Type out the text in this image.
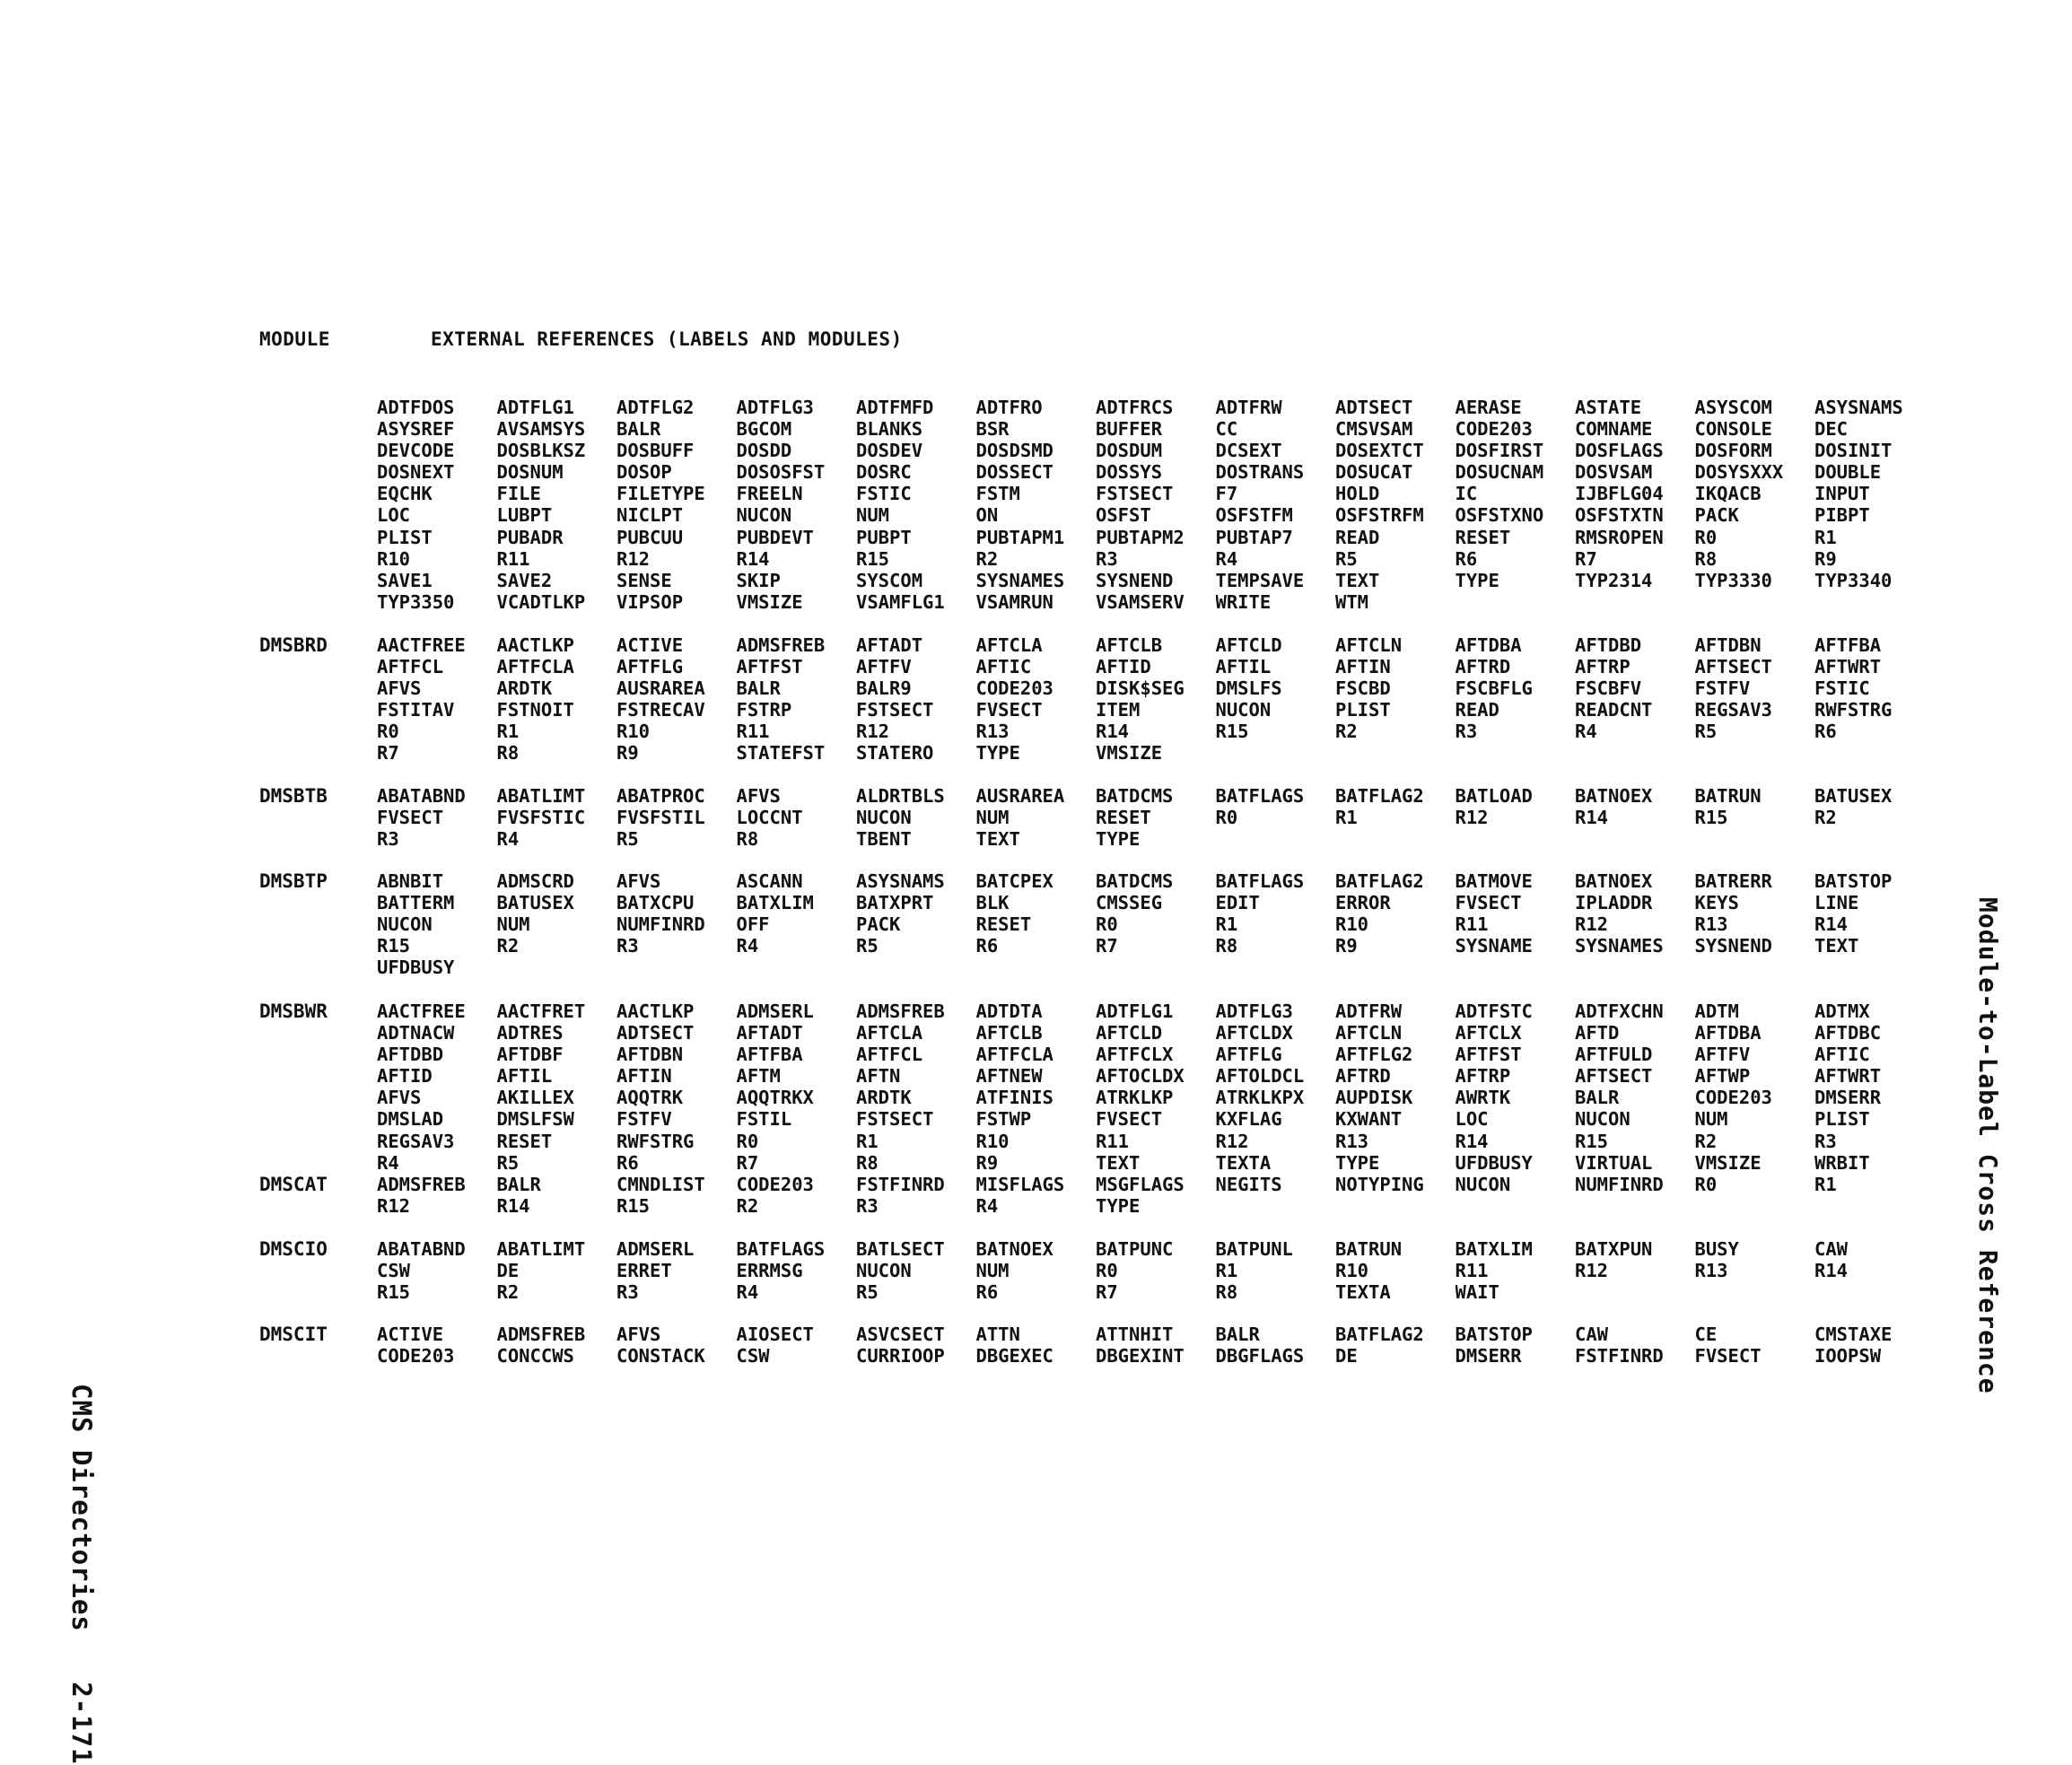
MODULE	EXTERNAL REFERENCES (LABELS AND MODULES)
ADTFDOS	ADTFLG1	ADTFLG2	ADTFLG3	ADTFMFD	ADTFRO	ADTFRCS	ADTFRW	ADTSECT	AERASE	ASTATE	ASYSCOM	ASYSNAMS
ASYSREF	AVSAMSYS	BALR	BGCOM	BLANKS	BSR	BUFFER	CC	CMSVSAM	CODE203	COMNAME	CONSOLE	DEC
DEVCODE	DOSBLKSZ	DOSBUFF	DOSDD	DOSDEV	DOSDSMD	DOSDUM	DCSEXT	DOSEXTCT	DOSFIRST	DOSFLAGS	DOSFORM	DOSINIT
DOSNEXT	DOSNUM	DOSOP	DOSOSFST	DOSRC	DOSSECT	DOSSYS	DOSTRANS	DOSUCAT	DOSUCNAM	DOSVSAM	DOSYSXXX	DOUBLE
EQCHK	FILE	FILETYPE	FREELN	FSTIC	FSTM	FSTSECT	F7	HOLD	IC	IJBFLG04	IKQACB	INPUT
LOC	LUBPT	NICLPT	NUCON	NUM	ON	OSFST	OSFSTFM	OSFSTRFM	OSFSTXNO	OSFSTXTN	PACK	PIBPT
PLIST	PUBADR	PUBCUU	PUBDEVT	PUBPT	PUBTAPM1	PUBTAPM2	PUBTAP7	READ	RESET	RMSROPEN	R0	R1
R10	R11	R12	R14	R15	R2	R3	R4	R5	R6	R7	R8	R9
SAVE1	SAVE2	SENSE	SKIP	SYSCOM	SYSNAMES	SYSNEND	TEMPSAVE	TEXT	TYPE	TYP2314	TYP3330	TYP3340
TYP3350	VCADTLKP	VIPSOP	VMSIZE	VSAMFLG1	VSAMRUN	VSAMSERV	WRITE	WTM
DMSBRD	AACTFREE	AACTLKP	ACTIVE	ADMSFREB	AFTADT	AFTCLA	AFTCLB	AFTCLD	AFTCLN	AFTDBA	AFTDBD	AFTDBN	AFTFBA
AFTFCL	AFTFCLA	AFTFLG	AFTFST	AFTFV	AFTIC	AFTID	AFTIL	AFTIN	AFTRD	AFTRP	AFTSECT	AFTWRT
AFVS	ARDTK	AUSRAREA	BALR	BALR9	CODE203	DISK$SEG	DMSLFS	FSCBD	FSCBFLG	FSCBFV	FSTFV	FSTIC
FSTITAV	FSTNOIT	FSTRECAV	FSTRP	FSTSECT	FVSECT	ITEM	NUCON	PLIST	READ	READCNT	REGSAV3	RWFSTRG
R0	R1	R10	R11	R12	R13	R14	R15	R2	R3	R4	R5	R6
R7	R8	R9	STATEFST	STATERO	TYPE	VMSIZE
DMSBTB	ABATABND	ABATLIMT	ABATPROC	AFVS	ALDRTBLS	AUSRAREA	BATDCMS	BATFLAGS	BATFLAG2	BATLOAD	BATNOEX	BATRUN	BATUSEX
FVSECT	FVSFSTIC	FVSFSTIL	LOCCNT	NUCON	NUM	RESET	R0	R1	R12	R14	R15	R2
R3	R4	R5	R8	TBENT	TEXT	TYPE
DMSBTP	ABNBIT	ADMSCRD	AFVS	ASCANN	ASYSNAMS	BATCPEX	BATDCMS	BATFLAGS	BATFLAG2	BATMOVE	BATNOEX	BATRERR	BATSTOP
BATTERM	BATUSEX	BATXCPU	BATXLIM	BATXPRT	BLK	CMSSEG	EDIT	ERROR	FVSECT	IPLADDR	KEYS	LINE
NUCON	NUM	NUMFINRD	OFF	PACK	RESET	R0	R1	R10	R11	R12	R13	R14
R15	R2	R3	R4	R5	R6	R7	R8	R9	SYSNAME	SYSNAMES	SYSNEND	TEXT
UFDBUSY
DMSBWR	AACTFREE	AACTFRET	AACTLKP	ADMSERL	ADMSFREB	ADTDTA	ADTFLG1	ADTFLG3	ADTFRW	ADTFSTC	ADTFXCHN	ADTM	ADTMX
ADTNACW	ADTRES	ADTSECT	AFTADT	AFTCLA	AFTCLB	AFTCLD	AFTCLDX	AFTCLN	AFTCLX	AFTD	AFTDBA	AFTDBC
AFTDBD	AFTDBF	AFTDBN	AFTFBA	AFTFCL	AFTFCLA	AFTFCLX	AFTFLG	AFTFLG2	AFTFST	AFTFULD	AFTFV	AFTIC
AFTID	AFTIL	AFTIN	AFTM	AFTN	AFTNEW	AFTOCLDX	AFTOLDCL	AFTRD	AFTRP	AFTSECT	AFTWP	AFTWRT
AFVS	AKILLEX	AQQTRK	AQQTRKX	ARDTK	ATFINIS	ATRKLKP	ATRKLKPX	AUPDISK	AWRTK	BALR	CODE203	DMSERR
DMSLAD	DMSLFSW	FSTFV	FSTIL	FSTSECT	FSTWP	FVSECT	KXFLAG	KXWANT	LOC	NUCON	NUM	PLIST
REGSAV3	RESET	RWFSTRG	R0	R1	R10	R11	R12	R13	R14	R15	R2	R3
R4	R5	R6	R7	R8	R9	TEXT	TEXTA	TYPE	UFDBUSY	VIRTUAL	VMSIZE	WRBIT
DMSCAT	ADMSFREB	BALR	CMNDLIST	CODE203	FSTFINRD	MISFLAGS	MSGFLAGS	NEGITS	NOTYPING	NUCON	NUMFINRD	R0	R1
R12	R14	R15	R2	R3	R4	TYPE
DMSCIO	ABATABND	ABATLIMT	ADMSERL	BATFLAGS	BATLSECT	BATNOEX	BATPUNC	BATPUNL	BATRUN	BATXLIM	BATXPUN	BUSY	CAW
CSW	DE	ERRET	ERRMSG	NUCON	NUM	R0	R1	R10	R11	R12	R13	R14
R15	R2	R3	R4	R5	R6	R7	R8	TEXTA	WAIT
DMSCIT	ACTIVE	ADMSFREB	AFVS	AIOSECT	ASVCSECT	ATTN	ATTNHIT	BALR	BATFLAG2	BATSTOP	CAW	CE	CMSTAXE
CODE203	CONCCWS	CONSTACK	CSW	CURRIOOP	DBGEXEC	DBGEXINT	DBGFLAGS	DE	DMSERR	FSTFINRD	FVSECT	IOOPSW
CMS Directories   2-171
Module-to-Label Cross Reference
